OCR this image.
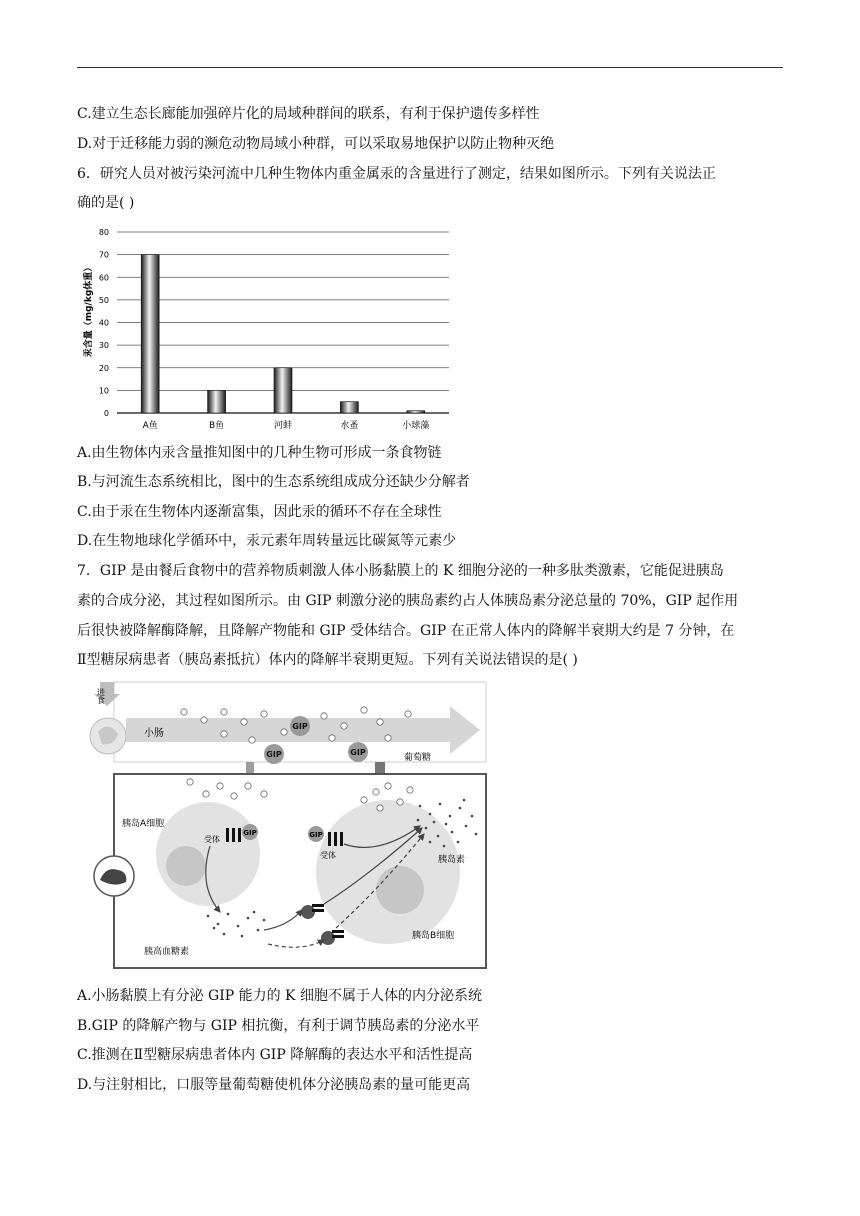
C.建立生态长廊能加强碎片化的局域种群间的联系，有利于保护遗传多样性
D.对于迁移能力弱的濒危动物局域小种群，可以采取易地保护以防止物种灭绝
6．研究人员对被污染河流中几种生物体内重金属汞的含量进行了测定，结果如图所示。下列有关说法正
确的是( )
0
10
20
30
40
50
60
70
80
A鱼	B鱼	河蚌	水蚤	小球藻
汞含量（mg/kg体重）
A.由生物体内汞含量推知图中的几种生物可形成一条食物链
B.与河流生态系统相比，图中的生态系统组成成分还缺少分解者
C.由于汞在生物体内逐渐富集，因此汞的循环不存在全球性
D.在生物地球化学循环中，汞元素年周转量远比碳氮等元素少
7．GIP 是由餐后食物中的营养物质刺激人体小肠黏膜上的 K 细胞分泌的一种多肽类激素，它能促进胰岛
素的合成分泌，其过程如图所示。由 GIP 刺激分泌的胰岛素约占人体胰岛素分泌总量的 70%，GIP 起作用
后很快被降解酶降解，且降解产物能和 GIP 受体结合。GIP 在正常人体内的降解半衰期大约是 7 分钟，在
Ⅱ型糖尿病患者（胰岛素抵抗）体内的降解半衰期更短。下列有关说法错误的是( )
进食
小肠
葡萄糖
GIP
GIP	GIP
胰岛A细胞
胰岛B细胞
GIP
受体	GIP
受体	胰岛素
胰高血糖素
A.小肠黏膜上有分泌 GIP 能力的 K 细胞不属于人体的内分泌系统
B.GIP 的降解产物与 GIP 相抗衡，有利于调节胰岛素的分泌水平
C.推测在Ⅱ型糖尿病患者体内 GIP 降解酶的表达水平和活性提高
D.与注射相比，口服等量葡萄糖使机体分泌胰岛素的量可能更高
